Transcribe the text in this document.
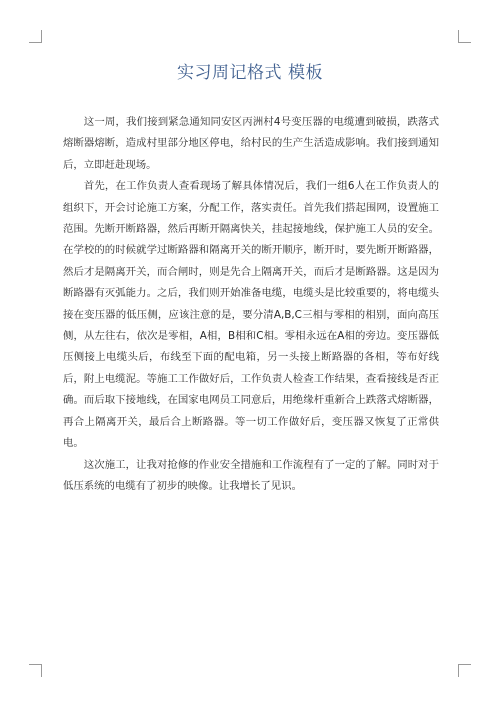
实习周记格式 模板

这一周，我们接到紧急通知同安区丙洲村4号变压器的电缆遭到破损，跌落式熔断器熔断，造成村里部分地区停电，给村民的生产生活造成影响。我们接到通知后，立即赶赴现场。

首先，在工作负责人查看现场了解具体情况后，我们一组6人在工作负责人的组织下，开会讨论施工方案，分配工作，落实责任。首先我们搭起围网，设置施工范围。先断开断路器，然后再断开隔离快关，挂起接地线，保护施工人员的安全。在学校的的时候就学过断路器和隔离开关的断开顺序，断开时，要先断开断路器，然后才是隔离开关，而合闸时，则是先合上隔离开关，而后才是断路器。这是因为断路器有灭弧能力。之后，我们则开始准备电缆，电缆头是比较重要的，将电缆头接在变压器的低压侧，应该注意的是，要分清A,B,C三相与零相的相别，面向高压侧，从左往右，依次是零相，A相，B相和C相。零相永远在A相的旁边。变压器低压侧接上电缆头后，布线至下面的配电箱，另一头接上断路器的各相，等布好线后，附上电缆泥。等施工工作做好后，工作负责人检查工作结果，查看接线是否正确。而后取下接地线，在国家电网员工同意后，用绝缘杆重新合上跌落式熔断器，再合上隔离开关，最后合上断路器。等一切工作做好后，变压器又恢复了正常供电。

这次施工，让我对抢修的作业安全措施和工作流程有了一定的了解。同时对于低压系统的电缆有了初步的映像。让我增长了见识。
